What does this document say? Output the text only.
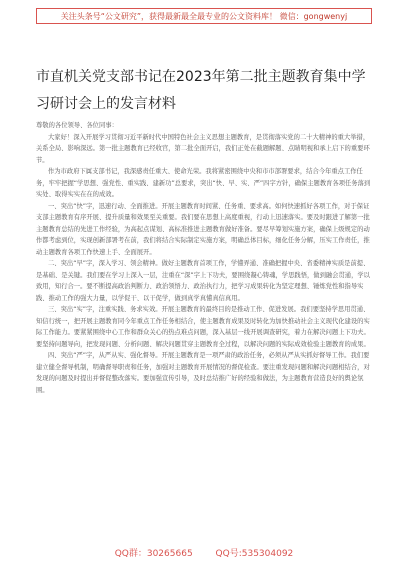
关注头条号“公文研究”，获得最新最全最专业的公文资料库！ 微信：gongwenyj
市直机关党支部书记在2023年第二批主题教育集中学习研讨会上的发言材料

尊敬的各位领导、各位同事：

大家好！深入开展学习贯彻习近平新时代中国特色社会主义思想主题教育，是贯彻落实党的二十大精神的重大举措，关系全局、影响深远。第一批主题教育已经收官，第二批全面开启，我们正处在截题解题、点睛明视和承上启下的重要环节。

作为市政府下属支部书记，我深感责任重大、使命光荣。我将紧密围绕中央和市市部署要求，结合今年重点工作任务，牢牢把握“学思想、强党性、重实践、建新功”总要求，突出“快、早、实、严”四字方针，确保主题教育各项任务落到实处、取得实实在在的成效。

一、突出“快”字，迅速行动、全面推进。开展主题教育时间紧、任务重、要求高。如何快速抓好各项工作，对于保证支部主题教育有序开展、提升质量和效果至关重要。我们要在思想上高度重视，行动上迅速落实。要及时跟进了解第一批主题教育总结的先进工作经验，为高起点谋划、高标准推进主题教育做好准备。要尽早筹划实施方案，确保上级规定的动作都考虑到位，实现创新部署考在前，我们将结合实际制定实施方案，明确总体目标，细化任务分解，压实工作责任，推动主题教育各项工作快速上手、全面展开。

二、突出“早”字，深入学习、领会精神。做好主题教育首项工作，学懂弄通、准确把握中央、省委精神实质是前提、是基础、是关键。我们要在学习上深入一层，注重在“深”字上下功夫，要围绕凝心铸魂，学思践悟，做到融会贯通，学以致用，知行合一。要不断提高政治判断力、政治领悟力、政治执行力，把学习成果转化为坚定理想、锤炼党性和指导实践、推动工作的强大力量，以学促干、以干促学，做到真学真懂真信真用。

三、突出“实”字，注重实践、务求实效。开展主题教育的最终目的是推动工作、促进发展。我们要坚持学思用贯通、知信行统一，把开展主题教育同今年重点工作任务相结合，使主题教育成果及时转化为加快推动社会主义现代化建设的实际工作能力。要紧紧围绕中心工作和群众关心的热点难点问题，深入基层一线开展调查研究，着力在解决问题上下功夫。要坚持问题导向，把发现问题、分析问题、解决问题贯穿主题教育全过程，以解决问题的实际成效检验主题教育的成果。

四、突出“严”字，从严从实、强化督导。开展主题教育是一项严肃的政治任务，必须从严从实抓好督导工作。我们要建立健全督导机制，明确督导职责和任务，加强对主题教育开展情况的督促检查。要注重发现问题和解决问题相结合，对发现的问题及时提出并督促整改落实。要加强宣传引导，及时总结推广好的经验和做法，为主题教育营造良好的舆论氛围。

QQ群：30265665	QQ号:535304092
